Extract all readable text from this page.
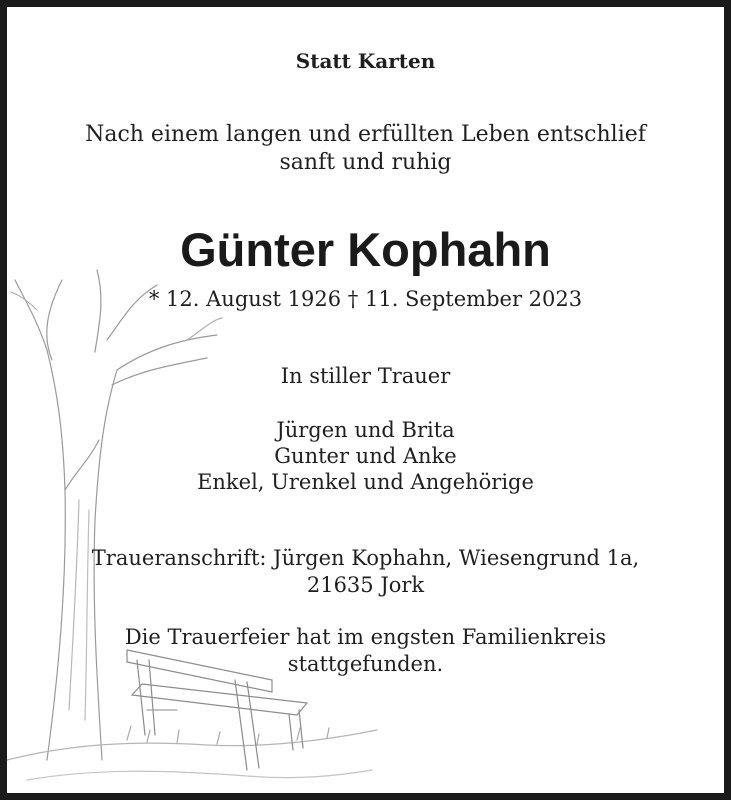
Statt Karten
Nach einem langen und erfüllten Leben entschlief
sanft und ruhig
Günter Kophahn
* 12. August 1926 † 11. September 2023
In stiller Trauer
Jürgen und Brita
Gunter und Anke
Enkel, Urenkel und Angehörige
Traueranschrift: Jürgen Kophahn, Wiesengrund 1a,
21635 Jork
Die Trauerfeier hat im engsten Familienkreis
stattgefunden.
